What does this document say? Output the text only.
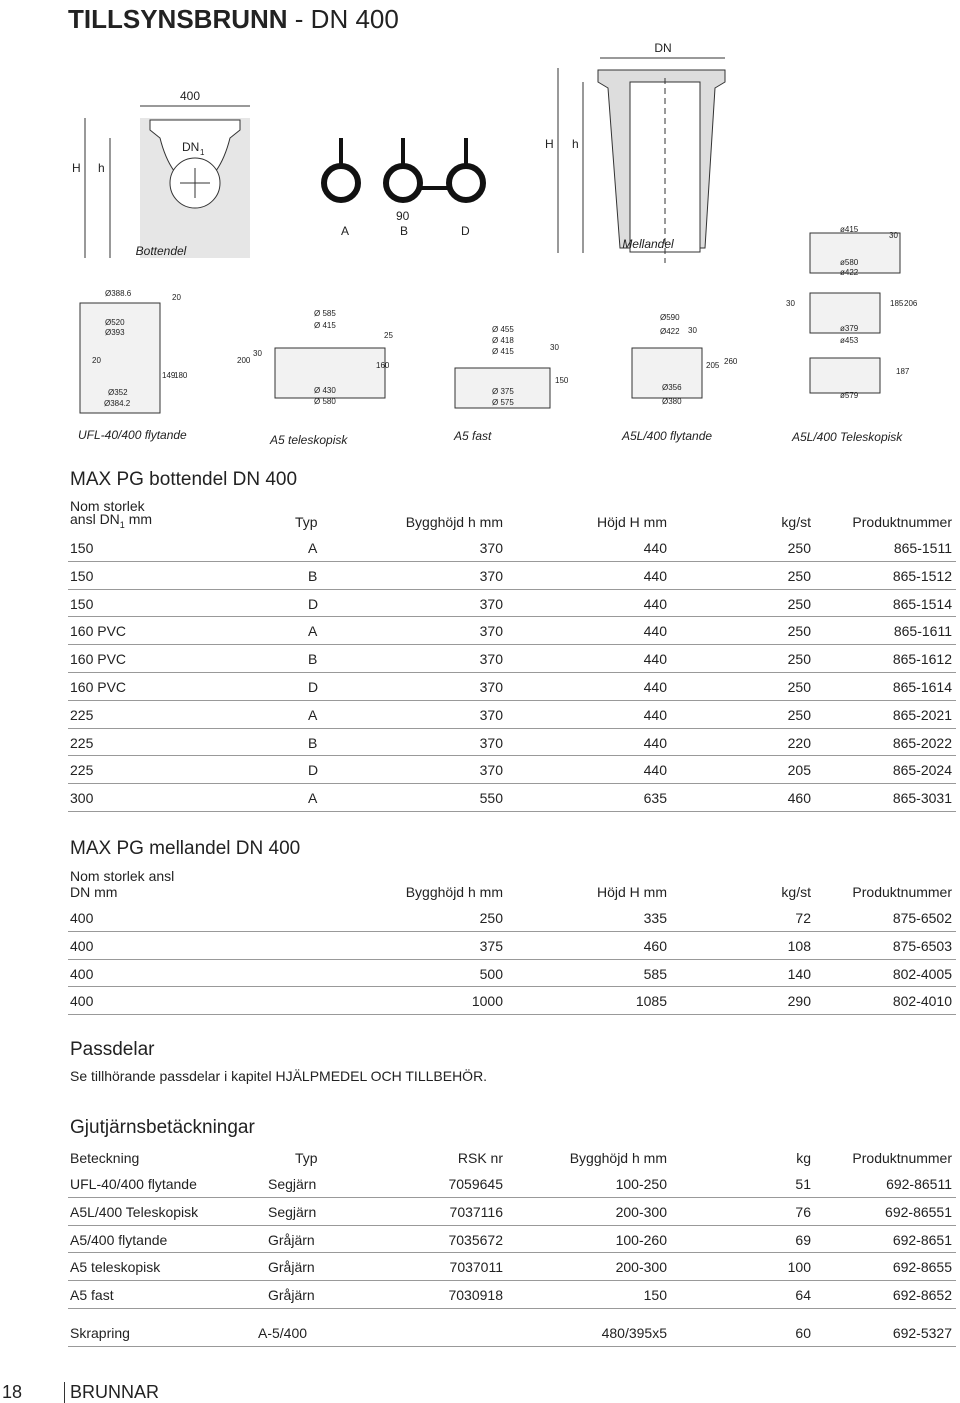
TILLSYNSBRUNN - DN 400
400
DN 1
H h
Bottendel
A	B	D
90
DN
H h
Mellandel
UFL-40/400 flytande	A5 teleskopisk	A5 fast	A5L/400 flytande	A5L/400 Teleskopisk
Ø388.6
Ø520
Ø393
Ø352
Ø384.2
20
20
149
180
Ø 585
Ø 415
Ø 430
Ø 580
200
30
160
25
Ø 455
Ø 418
Ø 415
Ø 375
Ø 575
30
150
Ø590
Ø422
Ø356
Ø380
30
205 260
ø415
ø580
ø422
ø379
ø453
ø579
30
30	185 206
187
MAX PG bottendel DN 400
Nom storlek
ansl $DN_1$ mm	Typ	Bygghöjd h mm	Höjd H mm	kg/st	Produktnummer
150	A	370	440	250	865-1511
150	B	370	440	250	865-1512
150	D	370	440	250	865-1514
160 PVC	A	370	440	250	865-1611
160 PVC	B	370	440	250	865-1612
160 PVC	D	370	440	250	865-1614
225	A	370	440	250	865-2021
225	B	370	440	220	865-2022
225	D	370	440	205	865-2024
300	A	550	635	460	865-3031
MAX PG mellandel DN 400
Nom storlek ansl
DN mm	Bygghöjd h mm	Höjd H mm	kg/st	Produktnummer
400	250	335	72	875-6502
400	375	460	108	875-6503
400	500	585	140	802-4005
400	1000	1085	290	802-4010
Passdelar
Se tillhörande passdelar i kapitel HJÄLPMEDEL OCH TILLBEHÖR.
Gjutjärnsbetäckningar
Beteckning	Typ	RSK nr	Bygghöjd h mm	kg	Produktnummer
UFL-40/400 flytande	Segjärn	7059645	100-250	51	692-86511
A5L/400 Teleskopisk	Segjärn	7037116	200-300	76	692-86551
A5/400 flytande	Gråjärn	7035672	100-260	69	692-8651
A5 teleskopisk	Gråjärn	7037011	200-300	100	692-8655
A5 fast	Gråjärn	7030918	150	64	692-8652
Skrapring	A-5/400	480/395x5	60	692-5327
18	BRUNNAR
